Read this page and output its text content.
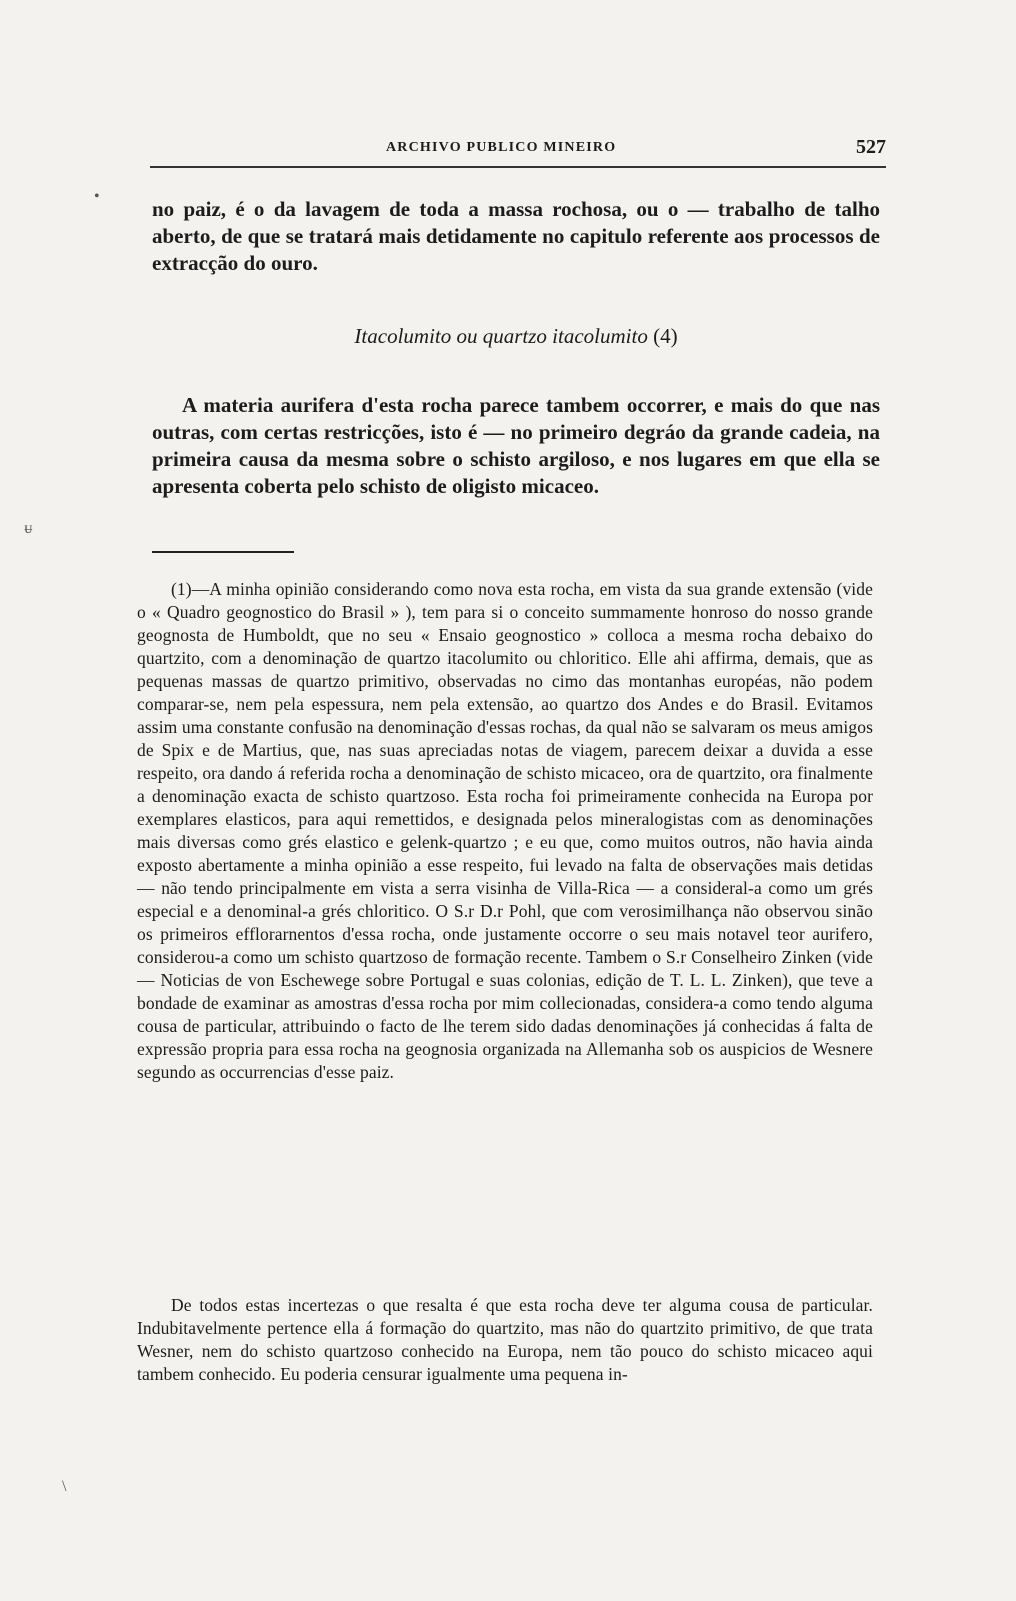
ARCHIVO PUBLICO MINEIRO	527

no paiz, é o da lavagem de toda a massa rochosa, ou o — trabalho de talho aberto, de que se tratará mais detidamente no capitulo referente aos processos de extracção do ouro.

Itacolumito ou quartzo itacolumito (4)

A materia aurifera d'esta rocha parece tambem occorrer, e mais do que nas outras, com certas restricções, isto é — no primeiro degráo da grande cadeia, na primeira causa da mesma sobre o schisto argiloso, e nos lugares em que ella se apresenta coberta pelo schisto de oligisto micaceo.

(1)—A minha opinião considerando como nova esta rocha, em vista da sua grande extensão (vide o « Quadro geognostico do Brasil » ), tem para si o conceito summamente honroso do nosso grande geognosta de Humboldt, que no seu « Ensaio geognostico » colloca a mesma rocha debaixo do quartzito, com a denominação de quartzo itacolumito ou chloritico. Elle ahi affirma, demais, que as pequenas massas de quartzo primitivo, observadas no cimo das montanhas européas, não podem comparar-se, nem pela espessura, nem pela extensão, ao quartzo dos Andes e do Brasil. Evitamos assim uma constante confusão na denominação d'essas rochas, da qual não se salvaram os meus amigos de Spix e de Martius, que, nas suas apreciadas notas de viagem, parecem deixar a duvida a esse respeito, ora dando á referida rocha a denominação de schisto micaceo, ora de quartzito, ora finalmente a denominação exacta de schisto quartzoso. Esta rocha foi primeiramente conhecida na Europa por exemplares elasticos, para aqui remettidos, e designada pelos mineralogistas com as denominações mais diversas como grés elastico e gelenk-quartzo ; e eu que, como muitos outros, não havia ainda exposto abertamente a minha opinião a esse respeito, fui levado na falta de observações mais detidas — não tendo principalmente em vista a serra visinha de Villa-Rica — a consideral-a como um grés especial e a denominal-a grés chloritico. O S.r D.r Pohl, que com verosimilhança não observou sinão os primeiros efflorarnentos d'essa rocha, onde justamente occorre o seu mais notavel teor aurifero, considerou-a como um schisto quartzoso de formação recente. Tambem o S.r Conselheiro Zinken (vide — Noticias de von Eschewege sobre Portugal e suas colonias, edição de T. L. L. Zinken), que teve a bondade de examinar as amostras d'essa rocha por mim collecionadas, considera-a como tendo alguma cousa de particular, attribuindo o facto de lhe terem sido dadas denominações já conhecidas á falta de expressão propria para essa rocha na geognosia organizada na Allemanha sob os auspicios de Wesnere segundo as occurrencias d'esse paiz.

De todos estas incertezas o que resalta é que esta rocha deve ter alguma cousa de particular. Indubitavelmente pertence ella á formação do quartzito, mas não do quartzito primitivo, de que trata Wesner, nem do schisto quartzoso conhecido na Europa, nem tão pouco do schisto micaceo aqui tambem conhecido. Eu poderia censurar igualmente uma pequena in-

•
ᵾ
\
